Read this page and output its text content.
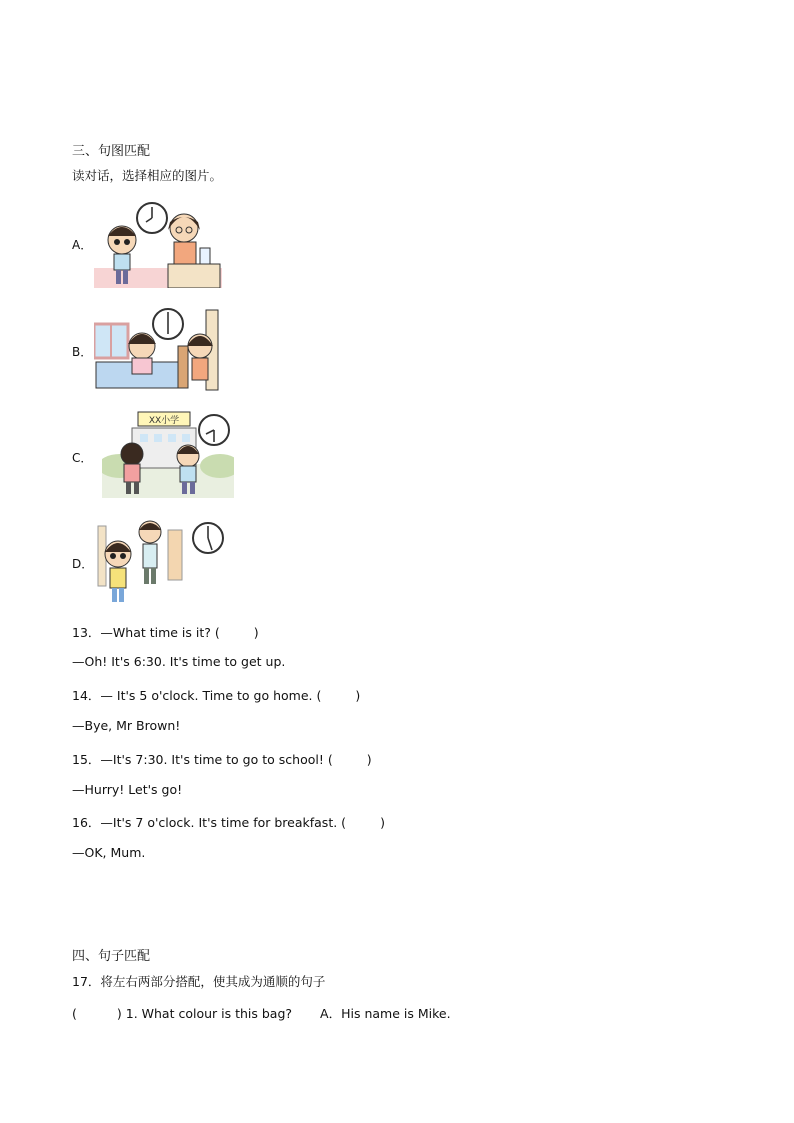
三、句图匹配
读对话，选择相应的图片。
A．
B．
C．
XX小学
D．
13．—What time is it? (	)
—Oh! It's 6:30. It's time to get up.
14．— It's 5 o'clock. Time to go home. (	)
—Bye, Mr Brown!
15．—It's 7:30. It's time to go to school! (	)
—Hurry! Let's go!
16．—It's 7 o'clock. It's time for breakfast. (	)
—OK, Mum.
四、句子匹配
17．将左右两部分搭配，使其成为通顺的句子
(	) 1. What colour is this bag? A．His name is Mike.
